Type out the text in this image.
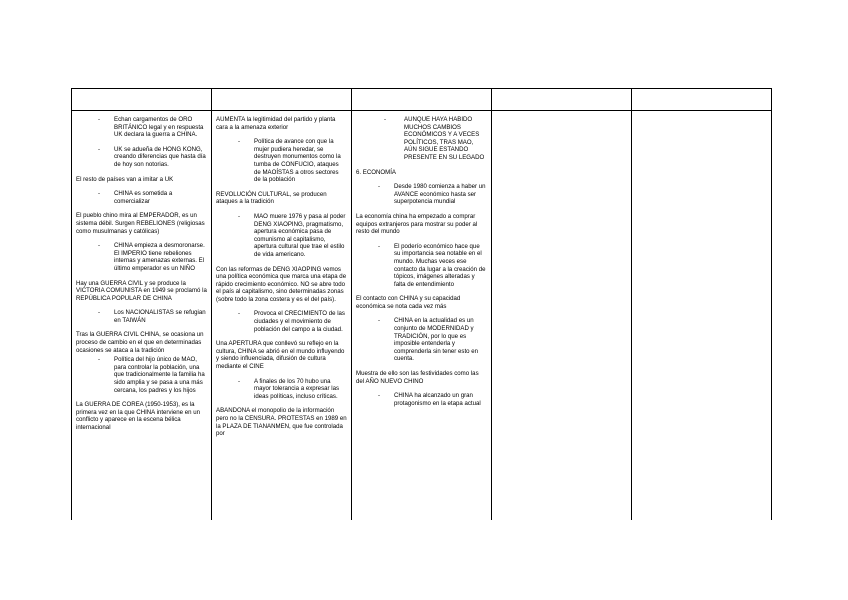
- Echan cargamentos de ORO BRITÁNICO legal y en respuesta UK declara la guerra a CHINA.
- UK se adueña de HONG KONG, creando diferencias que hasta día de hoy son notorias.

El resto de países van a imitar a UK

- CHINA es sometida a comercializar

El pueblo chino mira al EMPERADOR, es un sistema débil. Surgen REBELIONES (religiosas como musulmanas y católicas)

- CHINA empieza a desmoronarse. El IMPERIO tiene rebeliones internas y amenazas externas. El último emperador es un NIÑO

Hay una GUERRA CIVIL y se produce la VICTORIA COMUNISTA en 1949 se proclamó la REPÚBLICA POPULAR DE CHINA

- Los NACIONALISTAS se refugian en TAIWÁN

Tras la GUERRA CIVIL CHINA, se ocasiona un proceso de cambio en el que en determinadas ocasiones se ataca a la tradición

- Política del hijo único de MAO, para controlar la población, una que tradicionalmente la familia ha sido amplia y se pasa a una más cercana, los padres y los hijos

La GUERRA DE COREA (1950-1953), es la primera vez en la que CHINA interviene en un conflicto y aparece en la escena bélica internacional

AUMENTA la legitimidad del partido y planta cara a la amenaza exterior

- Política de avance con que la mujer pudiera heredar, se destruyen monumentos como la tumba de CONFUCIO, ataques de MAOÍSTAS a otros sectores de la población

REVOLUCIÓN CULTURAL, se producen ataques a la tradición

- MAO muere 1976 y pasa al poder DENG XIAOPING, pragmatismo, apertura económica pasa de comunismo al capitalismo, apertura cultural que trae el estilo de vida americano.

Con las reformas de DENG XIAOPING vemos una política económica que marca una etapa de rápido crecimiento económico. NO se abre todo el país al capitalismo, sino determinadas zonas (sobre todo la zona costera y es el del país).

- Provoca el CRECIMIENTO de las ciudades y el movimiento de población del campo a la ciudad.

Una APERTURA que conllevó su reflejo en la cultura, CHINA se abrió en el mundo influyendo y siendo influenciada, difusión de cultura mediante el CINE

- A finales de los 70 hubo una mayor tolerancia a expresar las ideas políticas, incluso críticas.

ABANDONA el monopolio de la información pero no la CENSURA. PROTESTAS en 1989 en la PLAZA DE TIANANMEN, que fue controlada por

-	AUNQUE HAYA HABIDO MUCHOS CAMBIOS ECONÓMICOS Y A VECES POLÍTICOS, TRAS MAO, AÚN SIGUE ESTANDO PRESENTE EN SU LEGADO

6. ECONOMÍA

- Desde 1980 comienza a haber un AVANCE económico hasta ser superpotencia mundial

La economía china ha empezado a comprar equipos extranjeros para mostrar su poder al resto del mundo

- El poderío económico hace que su importancia sea notable en el mundo. Muchas veces ese contacto da lugar a la creación de tópicos, imágenes alteradas y falta de entendimiento

El contacto con CHINA y su capacidad económica se nota cada vez más

- CHINA en la actualidad es un conjunto de MODERNIDAD y TRADICIÓN, por lo que es imposible entenderla y comprenderla sin tener esto en cuenta.

Muestra de ello son las festividades como las del AÑO NUEVO CHINO

- CHINA ha alcanzado un gran protagonismo en la etapa actual
